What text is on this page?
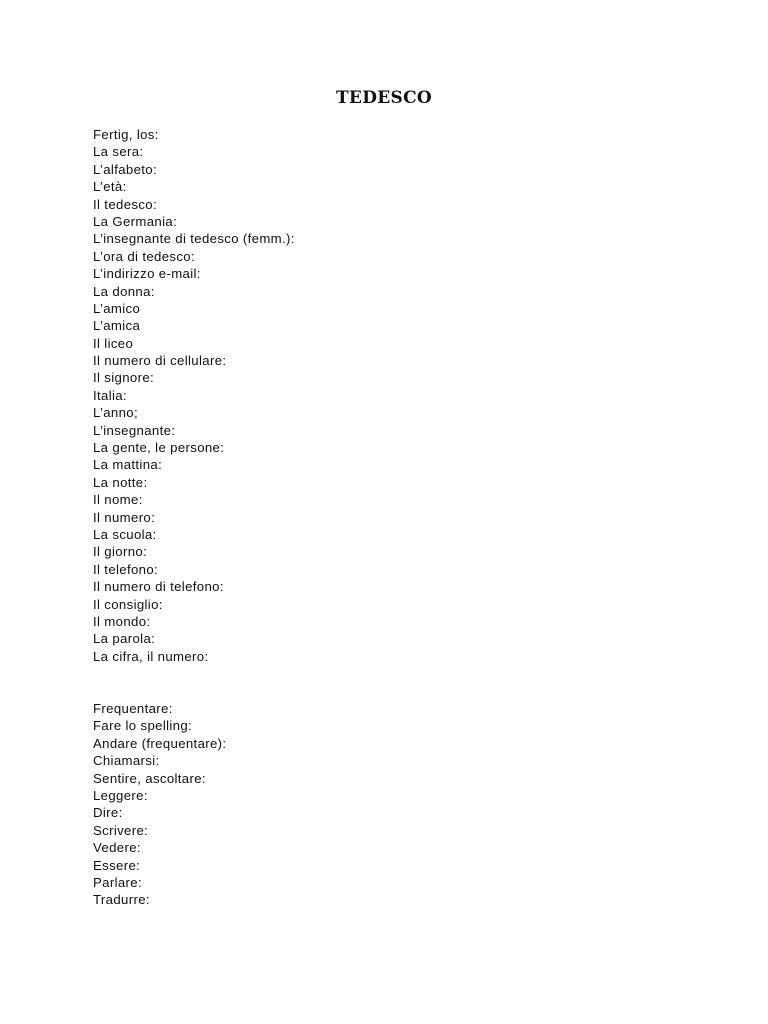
TEDESCO
Fertig, los:
La sera:
L’alfabeto:
L’età:
Il tedesco:
La Germania:
L’insegnante di tedesco (femm.):
L’ora di tedesco:
L’indirizzo e-mail:
La donna:
L’amico
L’amica
Il liceo
Il numero di cellulare:
Il signore:
Italia:
L’anno;
L’insegnante:
La gente, le persone:
La mattina:
La notte:
Il nome:
Il numero:
La scuola:
Il giorno:
Il telefono:
Il numero di telefono:
Il consiglio:
Il mondo:
La parola:
La cifra, il numero:
Frequentare:
Fare lo spelling:
Andare (frequentare):
Chiamarsi:
Sentire, ascoltare:
Leggere:
Dire:
Scrivere:
Vedere:
Essere:
Parlare:
Tradurre:
